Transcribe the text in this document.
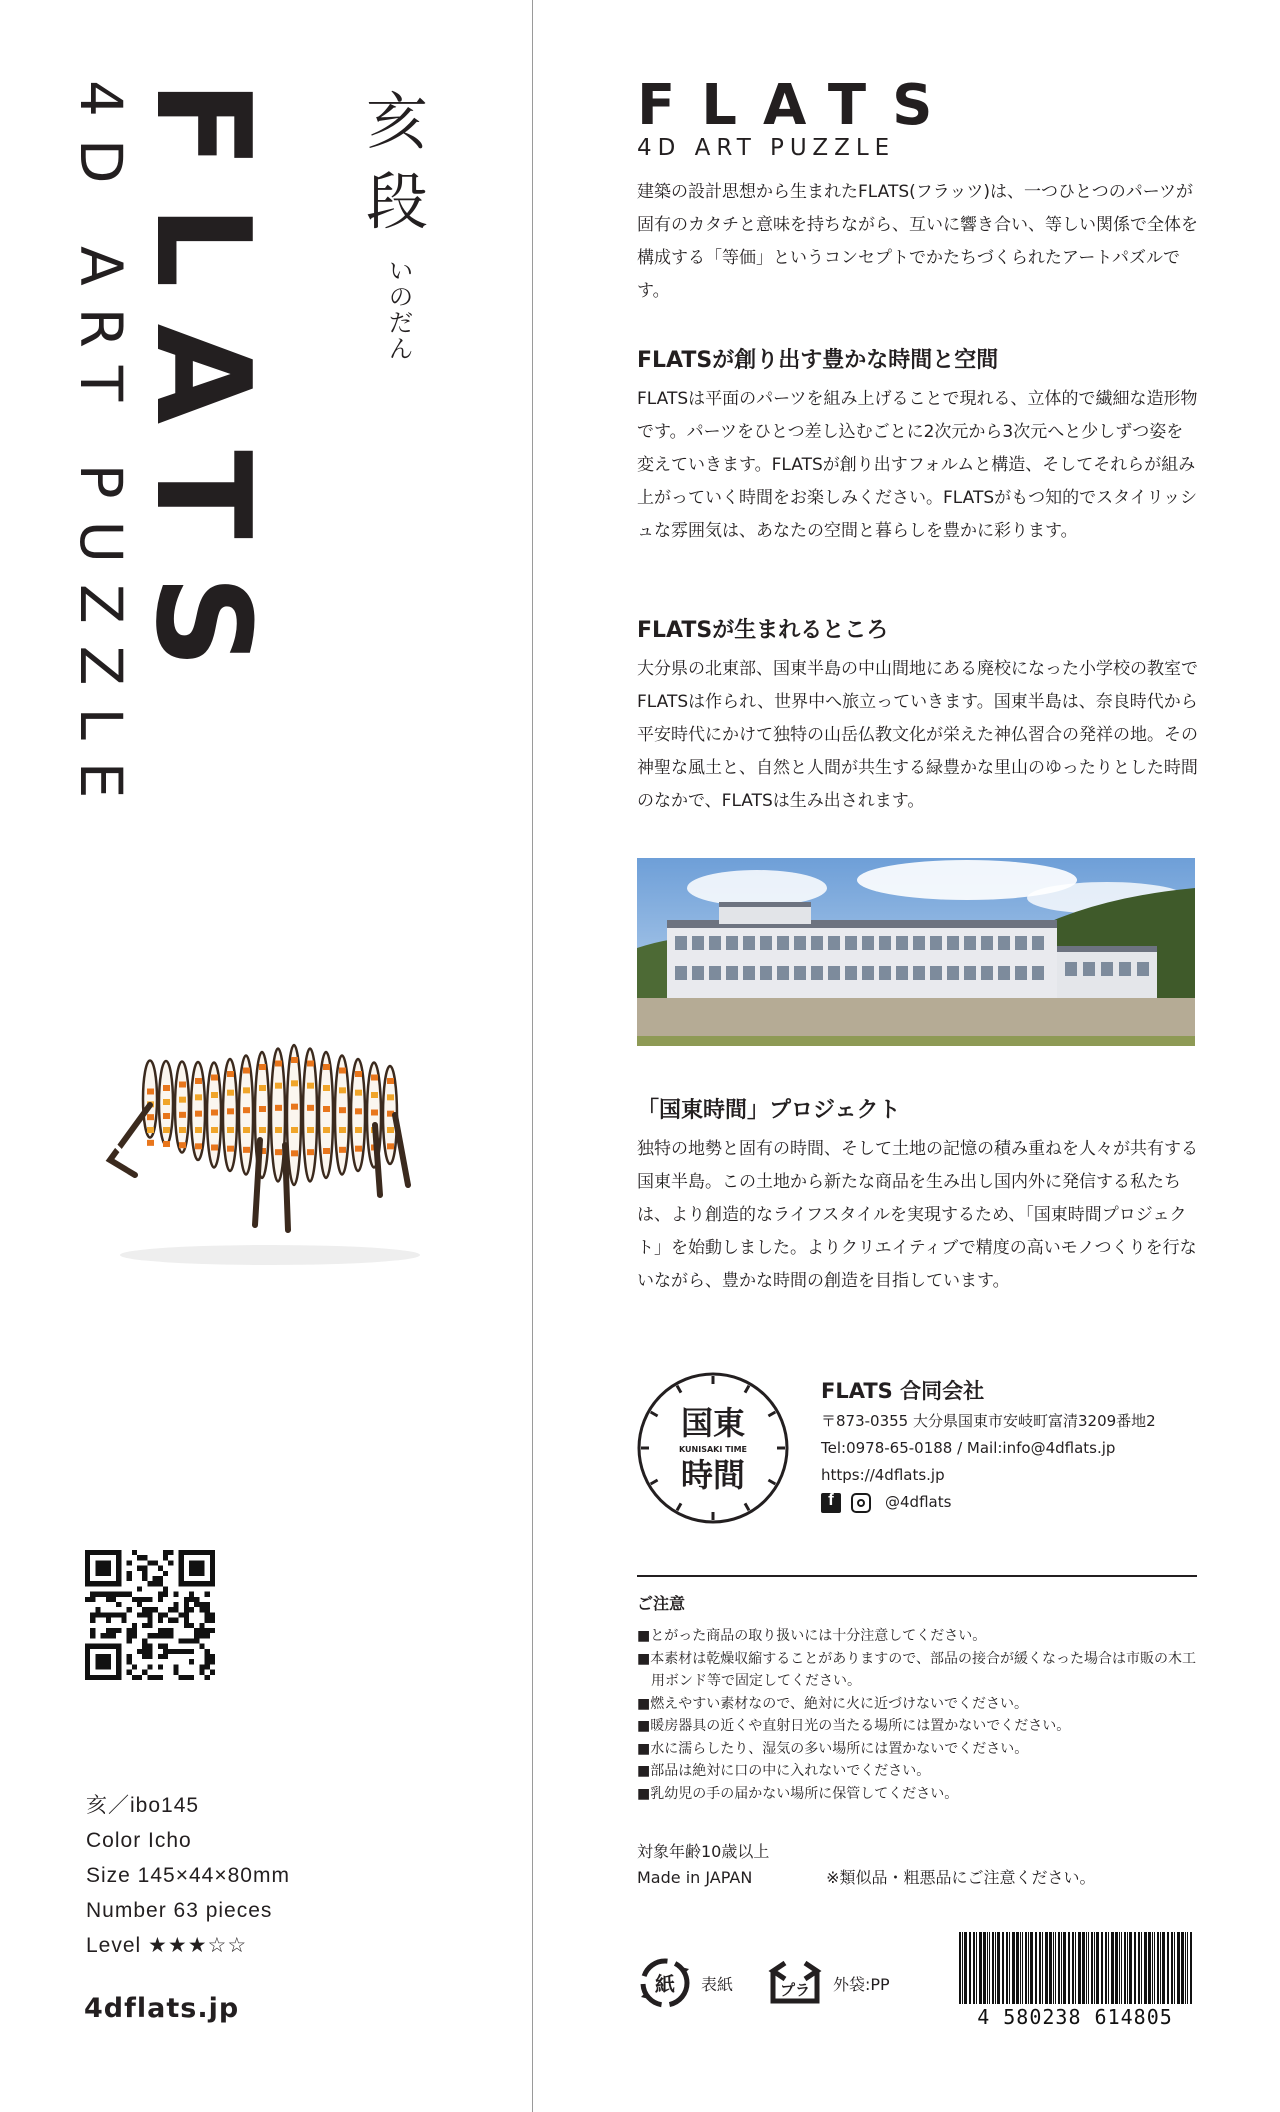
FLATS
4D ART PUZZLE	亥段
いのだん
亥／ibo145
Color Icho
Size 145×44×80mm
Number 63 pieces
Level ★★★☆☆
4dflats.jp
FLATS
4D ART PUZZLE
建築の設計思想から生まれたFLATS(フラッツ)は、一つひとつのパーツが固有のカタチと意味を持ちながら、互いに響き合い、等しい関係で全体を構成する「等価」というコンセプトでかたちづくられたアートパズルです。
FLATSが創り出す豊かな時間と空間
FLATSは平面のパーツを組み上げることで現れる、立体的で繊細な造形物です。パーツをひとつ差し込むごとに2次元から3次元へと少しずつ姿を変えていきます。FLATSが創り出すフォルムと構造、そしてそれらが組み上がっていく時間をお楽しみください。FLATSがもつ知的でスタイリッシュな雰囲気は、あなたの空間と暮らしを豊かに彩ります。
FLATSが生まれるところ
大分県の北東部、国東半島の中山間地にある廃校になった小学校の教室でFLATSは作られ、世界中へ旅立っていきます。国東半島は、奈良時代から平安時代にかけて独特の山岳仏教文化が栄えた神仏習合の発祥の地。その神聖な風土と、自然と人間が共生する緑豊かな里山のゆったりとした時間のなかで、FLATSは生み出されます。
「国東時間」プロジェクト
独特の地勢と固有の時間、そして土地の記憶の積み重ねを人々が共有する国東半島。この土地から新たな商品を生み出し国内外に発信する私たちは、より創造的なライフスタイルを実現するため、「国東時間プロジェクト」を始動しました。よりクリエイティブで精度の高いモノつくりを行ないながら、豊かな時間の創造を目指しています。
国東
KUNISAKI TIME
時間
FLATS 合同会社
〒873-0355 大分県国東市安岐町富清3209番地2
Tel:0978-65-0188 / Mail:info@4dflats.jp
https://4dflats.jp
f	@4dflats
ご注意
■とがった商品の取り扱いには十分注意してください。
■本素材は乾燥収縮することがありますので、部品の接合が緩くなった場合は市販の木工用ボンド等で固定してください。
■燃えやすい素材なので、絶対に火に近づけないでください。
■暖房器具の近くや直射日光の当たる場所には置かないでください。
■水に濡らしたり、湿気の多い場所には置かないでください。
■部品は絶対に口の中に入れないでください。
■乳幼児の手の届かない場所に保管してください。
対象年齢10歳以上
Made in JAPAN	※類似品・粗悪品にご注意ください。
紙 表紙	プラ 外袋:PP
4 580238 614805
